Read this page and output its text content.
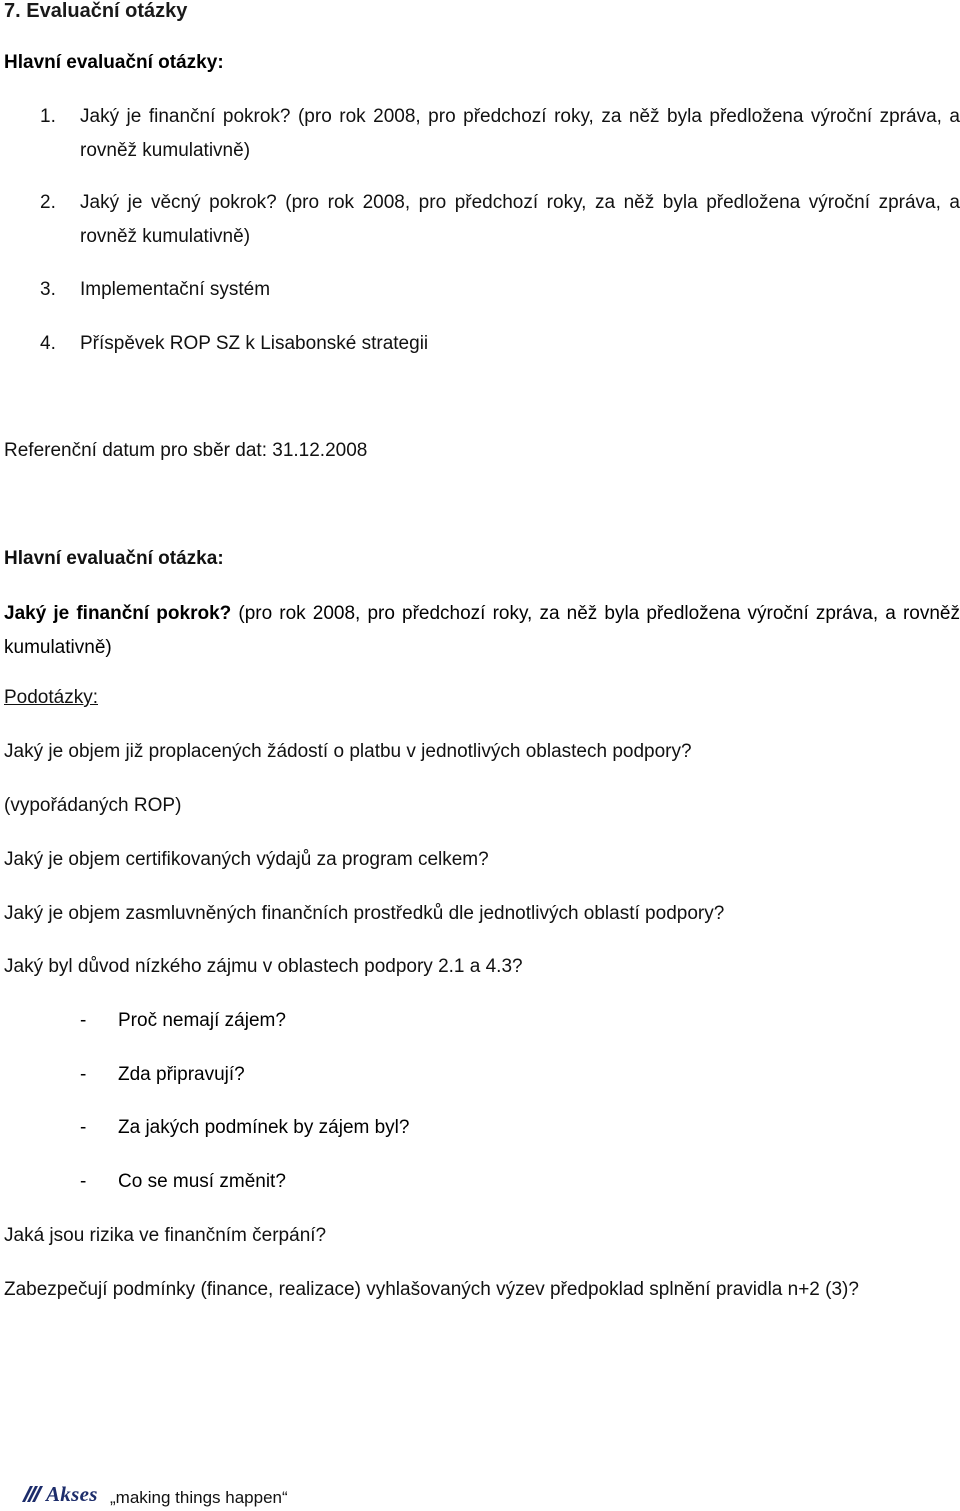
7. Evaluační otázky
Hlavní evaluační otázky:
1.	Jaký je finanční pokrok? (pro rok 2008, pro předchozí roky, za něž byla předložena výroční zpráva, a rovněž kumulativně)
2.	Jaký je věcný pokrok? (pro rok 2008, pro předchozí roky, za něž byla předložena výroční zpráva, a rovněž kumulativně)
3.	Implementační systém
4.	Příspěvek ROP SZ k Lisabonské strategii
Referenční datum pro sběr dat: 31.12.2008
Hlavní evaluační otázka:
Jaký je finanční pokrok? (pro rok 2008, pro předchozí roky, za něž byla předložena výroční zpráva, a rovněž kumulativně)
Podotázky:
Jaký je objem již proplacených žádostí o platbu v jednotlivých oblastech podpory?
(vypořádaných ROP)
Jaký je objem certifikovaných výdajů za program celkem?
Jaký je objem zasmluvněných finančních prostředků dle jednotlivých oblastí podpory?
Jaký byl důvod nízkého zájmu v oblastech podpory 2.1 a 4.3?
- Proč nemají zájem?
- Zda připravují?
- Za jakých podmínek by zájem byl?
- Co se musí změnit?
Jaká jsou rizika ve finančním čerpání?
Zabezpečují podmínky (finance, realizace) vyhlašovaných výzev předpoklad splnění pravidla n+2 (3)?
Akses „making things happen“
